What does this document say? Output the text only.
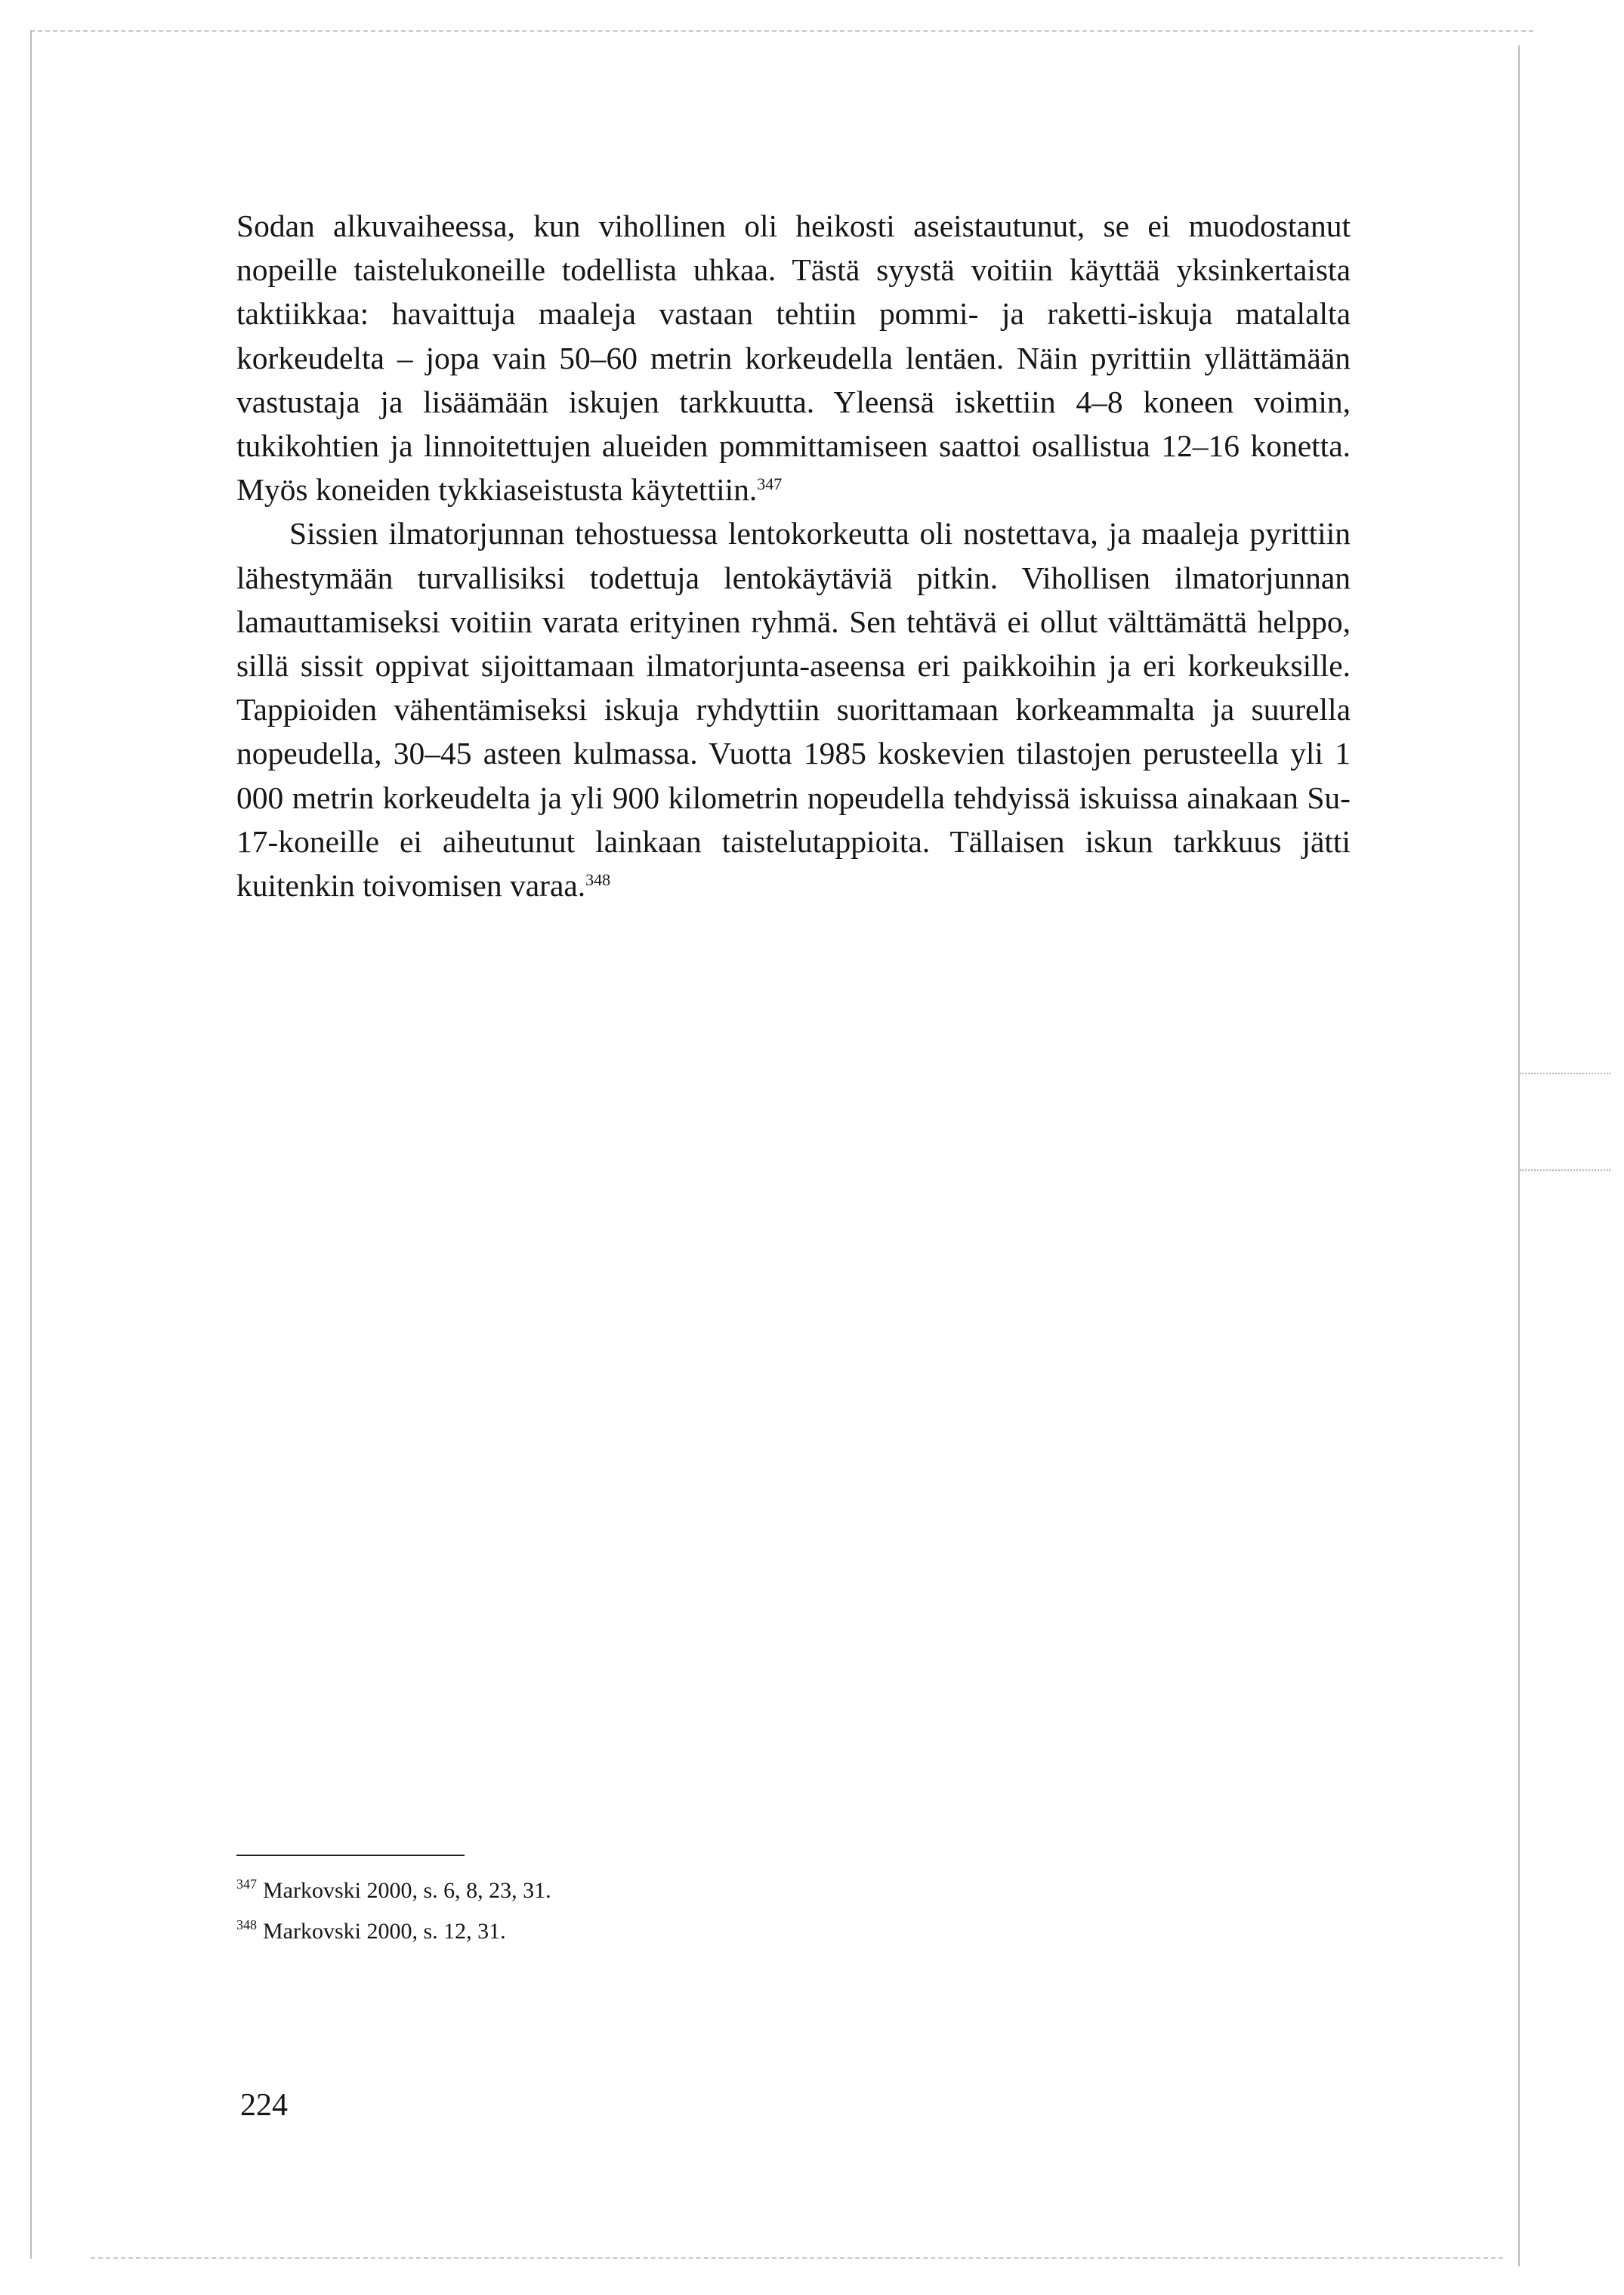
Sodan alkuvaiheessa, kun vihollinen oli heikosti aseistautunut, se ei muodostanut nopeille taistelukoneille todellista uhkaa. Tästä syystä voitiin käyttää yksinkertaista taktiikkaa: havaittuja maaleja vastaan tehtiin pommi- ja raketti-iskuja matalalta korkeudelta – jopa vain 50–60 metrin korkeudella lentäen. Näin pyrittiin yllättämään vastustaja ja lisäämään iskujen tarkkuutta. Yleensä iskettiin 4–8 koneen voimin, tukikohtien ja linnoitettujen alueiden pommittamiseen saattoi osallistua 12–16 konetta. Myös koneiden tykkiaseistusta käytettiin.$^{347}$

Sissien ilmatorjunnan tehostuessa lentokorkeutta oli nostettava, ja maaleja pyrittiin lähestymään turvallisiksi todettuja lentokäytäviä pitkin. Vihollisen ilmatorjunnan lamauttamiseksi voitiin varata erityinen ryhmä. Sen tehtävä ei ollut välttämättä helppo, sillä sissit oppivat sijoittamaan ilmatorjunta-aseensa eri paikkoihin ja eri korkeuksille. Tappioiden vähentämiseksi iskuja ryhdyttiin suorittamaan korkeammalta ja suurella nopeudella, 30–45 asteen kulmassa. Vuotta 1985 koskevien tilastojen perusteella yli 1 000 metrin korkeudelta ja yli 900 kilometrin nopeudella tehdyissä iskuissa ainakaan Su-17-koneille ei aiheutunut lainkaan taistelutappioita. Tällaisen iskun tarkkuus jätti kuitenkin toivomisen varaa.$^{348}$

$^{347}$ Markovski 2000, s. 6, 8, 23, 31.
$^{348}$ Markovski 2000, s. 12, 31.
224
